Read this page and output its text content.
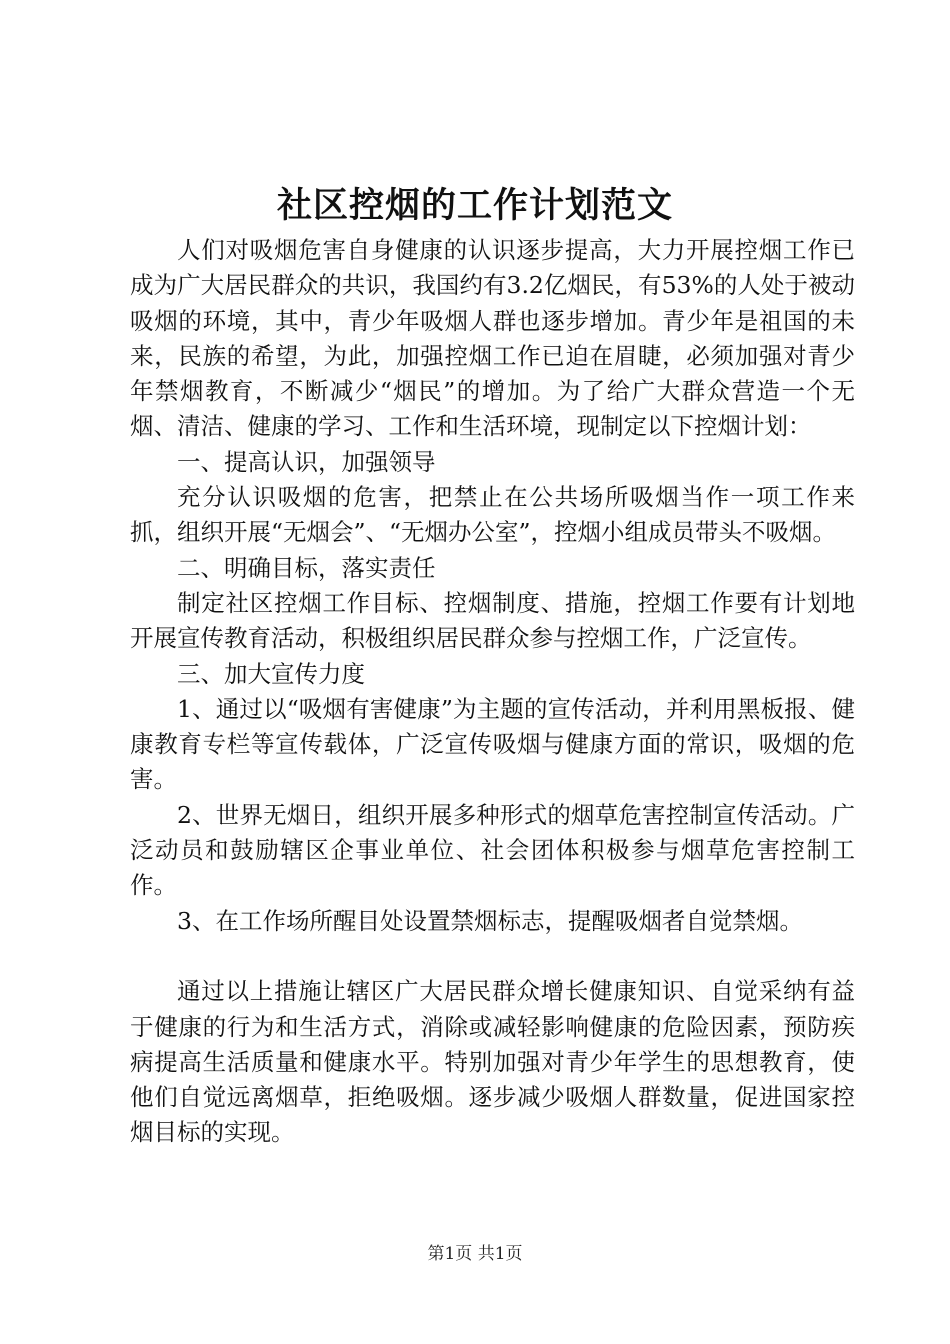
社区控烟的工作计划范文

人们对吸烟危害自身健康的认识逐步提高，大力开展控烟工作已成为广大居民群众的共识，我国约有3.2亿烟民，有53%的人处于被动吸烟的环境，其中，青少年吸烟人群也逐步增加。青少年是祖国的未来，民族的希望，为此，加强控烟工作已迫在眉睫，必须加强对青少年禁烟教育，不断减少“烟民”的增加。为了给广大群众营造一个无烟、清洁、健康的学习、工作和生活环境，现制定以下控烟计划：

一、提高认识，加强领导

充分认识吸烟的危害，把禁止在公共场所吸烟当作一项工作来抓，组织开展“无烟会”、“无烟办公室”，控烟小组成员带头不吸烟。

二、明确目标，落实责任

制定社区控烟工作目标、控烟制度、措施，控烟工作要有计划地开展宣传教育活动，积极组织居民群众参与控烟工作，广泛宣传。

三、加大宣传力度

1、通过以“吸烟有害健康”为主题的宣传活动，并利用黑板报、健康教育专栏等宣传载体，广泛宣传吸烟与健康方面的常识，吸烟的危害。

2、世界无烟日，组织开展多种形式的烟草危害控制宣传活动。广泛动员和鼓励辖区企事业单位、社会团体积极参与烟草危害控制工作。

3、在工作场所醒目处设置禁烟标志，提醒吸烟者自觉禁烟。

通过以上措施让辖区广大居民群众增长健康知识、自觉采纳有益于健康的行为和生活方式，消除或减轻影响健康的危险因素，预防疾病提高生活质量和健康水平。特别加强对青少年学生的思想教育，使他们自觉远离烟草，拒绝吸烟。逐步减少吸烟人群数量，促进国家控烟目标的实现。

第1页 共1页
